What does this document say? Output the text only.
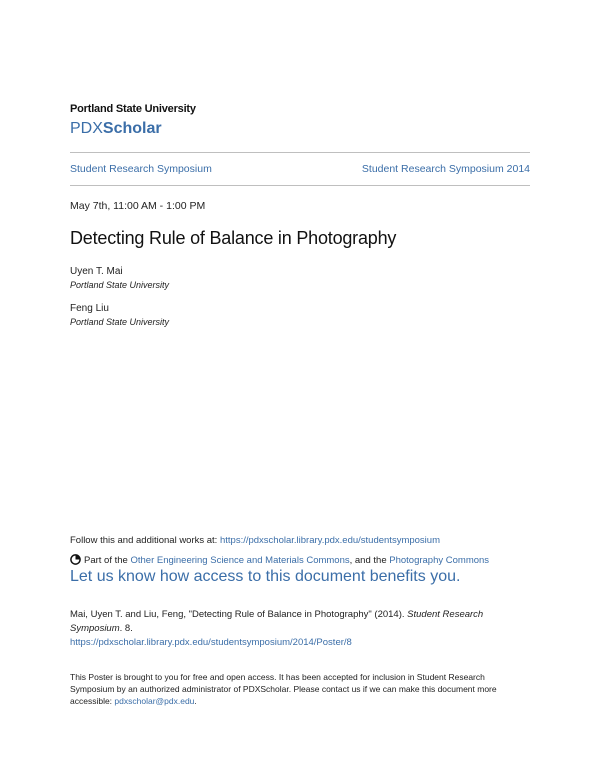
Portland State University
PDXScholar
Student Research Symposium	Student Research Symposium 2014
May 7th, 11:00 AM - 1:00 PM
Detecting Rule of Balance in Photography
Uyen T. Mai
Portland State University
Feng Liu
Portland State University
Follow this and additional works at: https://pdxscholar.library.pdx.edu/studentsymposium
Part of the Other Engineering Science and Materials Commons, and the Photography Commons
Let us know how access to this document benefits you.
Mai, Uyen T. and Liu, Feng, "Detecting Rule of Balance in Photography" (2014). Student Research Symposium. 8.
https://pdxscholar.library.pdx.edu/studentsymposium/2014/Poster/8
This Poster is brought to you for free and open access. It has been accepted for inclusion in Student Research Symposium by an authorized administrator of PDXScholar. Please contact us if we can make this document more accessible: pdxscholar@pdx.edu.
